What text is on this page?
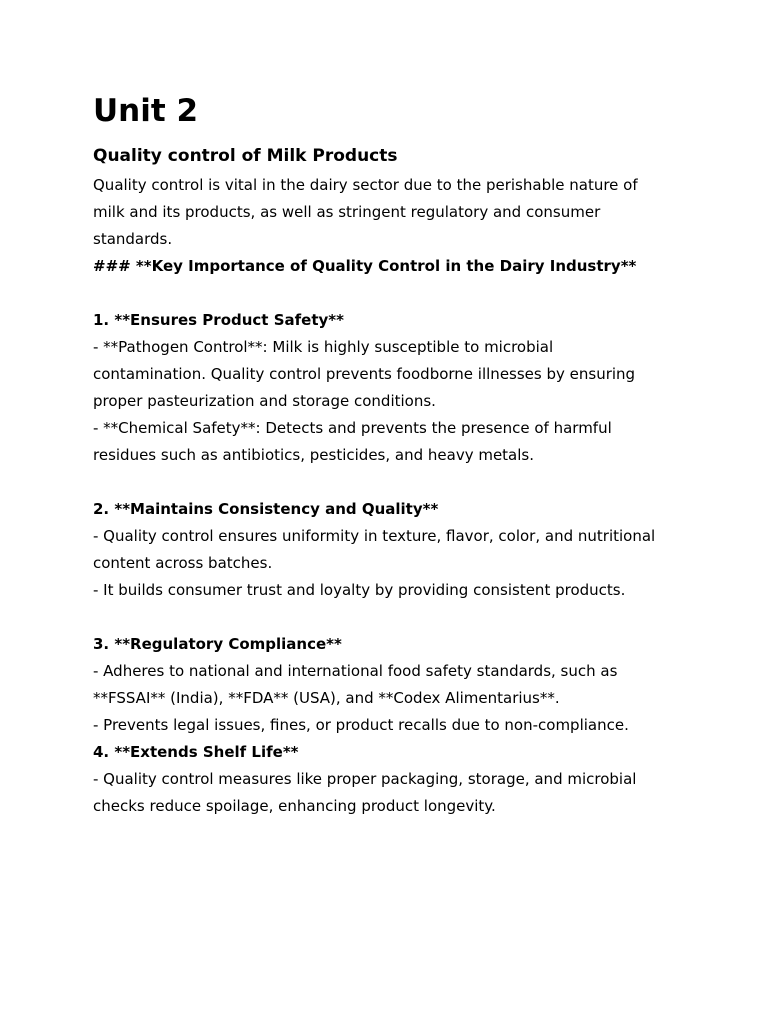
Unit 2
Quality control of Milk Products

Quality control is vital in the dairy sector due to the perishable nature of milk and its products, as well as stringent regulatory and consumer standards.

### **Key Importance of Quality Control in the Dairy Industry**

1. **Ensures Product Safety**

- **Pathogen Control**: Milk is highly susceptible to microbial contamination. Quality control prevents foodborne illnesses by ensuring proper pasteurization and storage conditions.

- **Chemical Safety**: Detects and prevents the presence of harmful residues such as antibiotics, pesticides, and heavy metals.

2. **Maintains Consistency and Quality**

- Quality control ensures uniformity in texture, flavor, color, and nutritional content across batches.

- It builds consumer trust and loyalty by providing consistent products.

3. **Regulatory Compliance**

- Adheres to national and international food safety standards, such as **FSSAI** (India), **FDA** (USA), and **Codex Alimentarius**.

- Prevents legal issues, fines, or product recalls due to non-compliance.

4. **Extends Shelf Life**

- Quality control measures like proper packaging, storage, and microbial checks reduce spoilage, enhancing product longevity.
